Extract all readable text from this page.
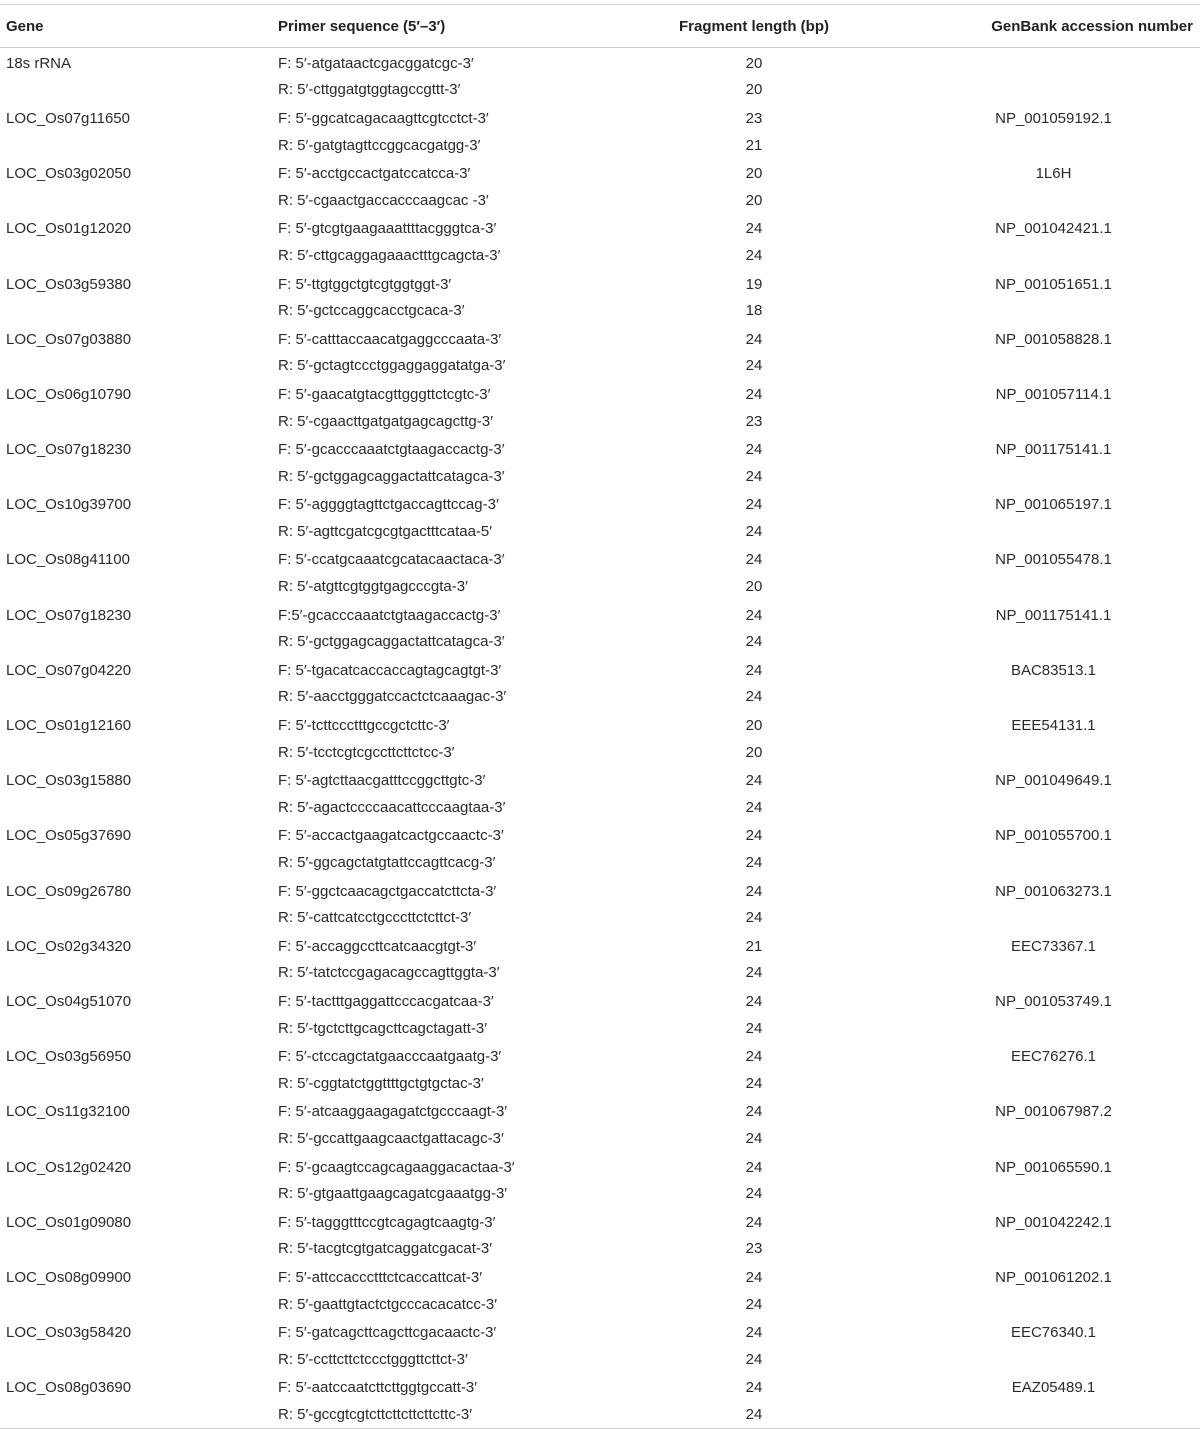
Gene	Primer sequence (5′–3′)	Fragment length (bp)	GenBank accession number
18s rRNA	F: 5′-atgataactcgacggatcgc-3′	20	
	R: 5′-cttggatgtggtagccgttt-3′	20	
LOC_Os07g11650	F: 5′-ggcatcagacaagttcgtcctct-3′	23	NP_001059192.1
	R: 5′-gatgtagttccggcacgatgg-3′	21	
LOC_Os03g02050	F: 5′-acctgccactgatccatcca-3′	20	1L6H
	R: 5′-cgaactgaccacccaagcac -3′	20	
LOC_Os01g12020	F: 5′-gtcgtgaagaaattttacgggtca-3′	24	NP_001042421.1
	R: 5′-cttgcaggagaaactttgcagcta-3′	24	
LOC_Os03g59380	F: 5′-ttgtggctgtcgtggtggt-3′	19	NP_001051651.1
	R: 5′-gctccaggcacctgcaca-3′	18	
LOC_Os07g03880	F: 5′-catttaccaacatgaggcccaata-3′	24	NP_001058828.1
	R: 5′-gctagtccctggaggaggatatga-3′	24	
LOC_Os06g10790	F: 5′-gaacatgtacgttgggttctcgtc-3′	24	NP_001057114.1
	R: 5′-cgaacttgatgatgagcagcttg-3′	23	
LOC_Os07g18230	F: 5′-gcacccaaatctgtaagaccactg-3′	24	NP_001175141.1
	R: 5′-gctggagcaggactattcatagca-3′	24	
LOC_Os10g39700	F: 5′-aggggtagttctgaccagttccag-3′	24	NP_001065197.1
	R: 5′-agttcgatcgcgtgactttcataa-5′	24	
LOC_Os08g41100	F: 5′-ccatgcaaatcgcatacaactaca-3′	24	NP_001055478.1
	R: 5′-atgttcgtggtgagcccgta-3′	20	
LOC_Os07g18230	F:5′-gcacccaaatctgtaagaccactg-3′	24	NP_001175141.1
	R: 5′-gctggagcaggactattcatagca-3′	24	
LOC_Os07g04220	F: 5′-tgacatcaccaccagtagcagtgt-3′	24	BAC83513.1
	R: 5′-aacctgggatccactctcaaagac-3′	24	
LOC_Os01g12160	F: 5′-tcttccctttgccgctcttc-3′	20	EEE54131.1
	R: 5′-tcctcgtcgccttcttctcc-3′	20	
LOC_Os03g15880	F: 5′-agtcttaacgatttccggcttgtc-3′	24	NP_001049649.1
	R: 5′-agactccccaacattcccaagtaa-3′	24	
LOC_Os05g37690	F: 5′-accactgaagatcactgccaactc-3′	24	NP_001055700.1
	R: 5′-ggcagctatgtattccagttcacg-3′	24	
LOC_Os09g26780	F: 5′-ggctcaacagctgaccatcttcta-3′	24	NP_001063273.1
	R: 5′-cattcatcctgcccttctcttct-3′	24	
LOC_Os02g34320	F: 5′-accaggccttcatcaacgtgt-3′	21	EEC73367.1
	R: 5′-tatctccgagacagccagttggta-3′	24	
LOC_Os04g51070	F: 5′-tactttgaggattcccacgatcaa-3′	24	NP_001053749.1
	R: 5′-tgctcttgcagcttcagctagatt-3′	24	
LOC_Os03g56950	F: 5′-ctccagctatgaacccaatgaatg-3′	24	EEC76276.1
	R: 5′-cggtatctggttttgctgtgctac-3′	24	
LOC_Os11g32100	F: 5′-atcaaggaagagatctgcccaagt-3′	24	NP_001067987.2
	R: 5′-gccattgaagcaactgattacagc-3′	24	
LOC_Os12g02420	F: 5′-gcaagtccagcagaaggacactaa-3′	24	NP_001065590.1
	R: 5′-gtgaattgaagcagatcgaaatgg-3′	24	
LOC_Os01g09080	F: 5′-tagggtttccgtcagagtcaagtg-3′	24	NP_001042242.1
	R: 5′-tacgtcgtgatcaggatcgacat-3′	23	
LOC_Os08g09900	F: 5′-attccaccctttctcaccattcat-3′	24	NP_001061202.1
	R: 5′-gaattgtactctgcccacacatcc-3′	24	
LOC_Os03g58420	F: 5′-gatcagcttcagcttcgacaactc-3′	24	EEC76340.1
	R: 5′-ccttcttctccctgggttcttct-3′	24	
LOC_Os08g03690	F: 5′-aatccaatcttcttggtgccatt-3′	24	EAZ05489.1
	R: 5′-gccgtcgtcttcttcttcttcttc-3′	24	
